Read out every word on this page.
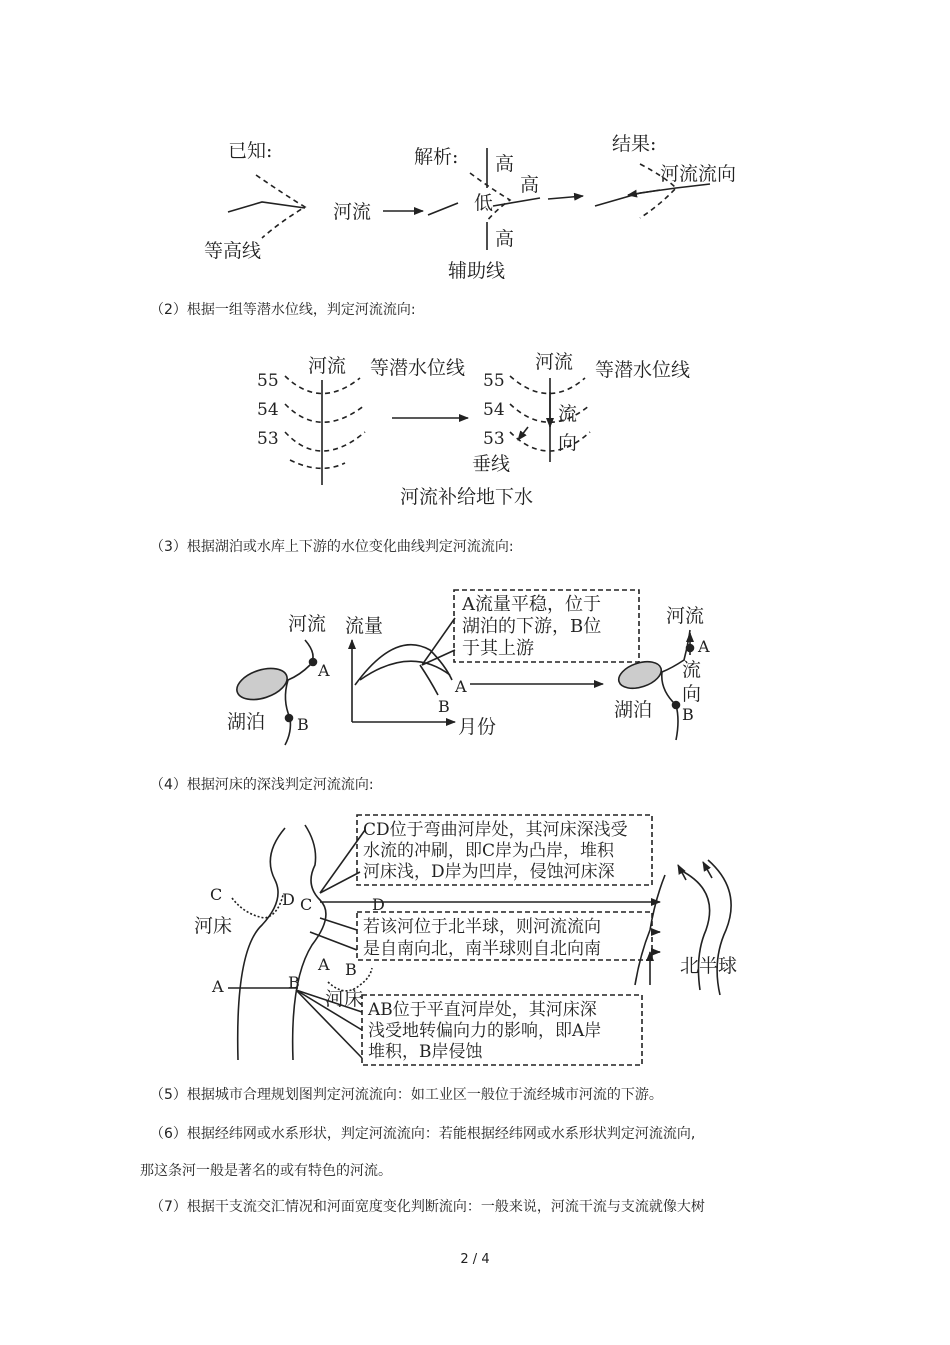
已知:
等高线
河流
解析: 高
高
低
高
辅助线
结果:
河流流向
（2）根据一组等潜水位线，判定河流流向:
河流 等潜水位线
55
54
53
河流 等潜水位线
55
54
53
流
向
垂线
河流补给地下水
（3）根据湖泊或水库上下游的水位变化曲线判定河流流向:
河流
A
B
湖泊
流量
月份
A
B
A流量平稳，位于
湖泊的下游，B位
于其上游
河流
A
流
向
B
湖泊
（4）根据河床的深浅判定河流流向:
C	D C	D
河床
CD位于弯曲河岸处，其河床深浅受
水流的冲刷，即C岸为凸岸，堆积
河床浅，D岸为凹岸，侵蚀河床深
若该河位于北半球，则河流流向
是自南向北，南半球则自北向南
A	B
A B
河床 AB位于平直河岸处，其河床深
浅受地转偏向力的影响，即A岸
堆积，B岸侵蚀
北半球
（5）根据城市合理规划图判定河流流向：如工业区一般位于流经城市河流的下游。
（6）根据经纬网或水系形状，判定河流流向：若能根据经纬网或水系形状判定河流流向,
那这条河一般是著名的或有特色的河流。
（7）根据干支流交汇情况和河面宽度变化判断流向：一般来说，河流干流与支流就像大树
2 / 4
